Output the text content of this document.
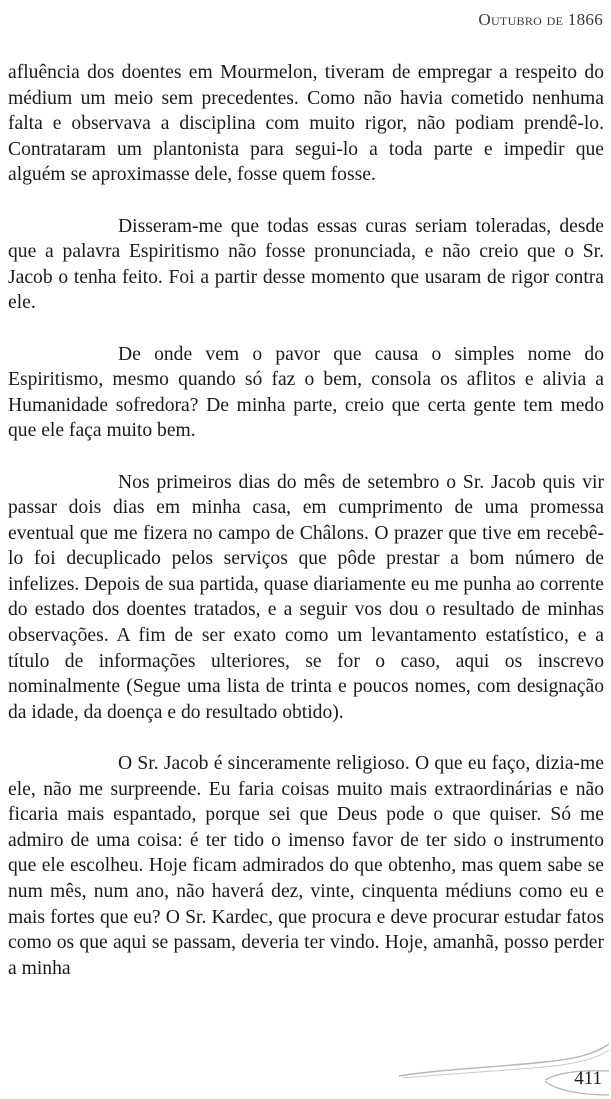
Outubro de 1866

afluência dos doentes em Mourmelon, tiveram de empregar a respeito do médium um meio sem precedentes. Como não havia cometido nenhuma falta e observava a disciplina com muito rigor, não podiam prendê-lo. Contrataram um plantonista para segui-lo a toda parte e impedir que alguém se aproximasse dele, fosse quem fosse.

Disseram-me que todas essas curas seriam toleradas, desde que a palavra Espiritismo não fosse pronunciada, e não creio que o Sr. Jacob o tenha feito. Foi a partir desse momento que usaram de rigor contra ele.

De onde vem o pavor que causa o simples nome do Espiritismo, mesmo quando só faz o bem, consola os aflitos e alivia a Humanidade sofredora? De minha parte, creio que certa gente tem medo que ele faça muito bem.

Nos primeiros dias do mês de setembro o Sr. Jacob quis vir passar dois dias em minha casa, em cumprimento de uma promessa eventual que me fizera no campo de Châlons. O prazer que tive em recebê-lo foi decuplicado pelos serviços que pôde prestar a bom número de infelizes. Depois de sua partida, quase diariamente eu me punha ao corrente do estado dos doentes tratados, e a seguir vos dou o resultado de minhas observações. A fim de ser exato como um levantamento estatístico, e a título de informações ulteriores, se for o caso, aqui os inscrevo nominalmente (Segue uma lista de trinta e poucos nomes, com designação da idade, da doença e do resultado obtido).

O Sr. Jacob é sinceramente religioso. O que eu faço, dizia-me ele, não me surpreende. Eu faria coisas muito mais extraordinárias e não ficaria mais espantado, porque sei que Deus pode o que quiser. Só me admiro de uma coisa: é ter tido o imenso favor de ter sido o instrumento que ele escolheu. Hoje ficam admirados do que obtenho, mas quem sabe se num mês, num ano, não haverá dez, vinte, cinquenta médiuns como eu e mais fortes que eu? O Sr. Kardec, que procura e deve procurar estudar fatos como os que aqui se passam, deveria ter vindo. Hoje, amanhã, posso perder a minha

411
